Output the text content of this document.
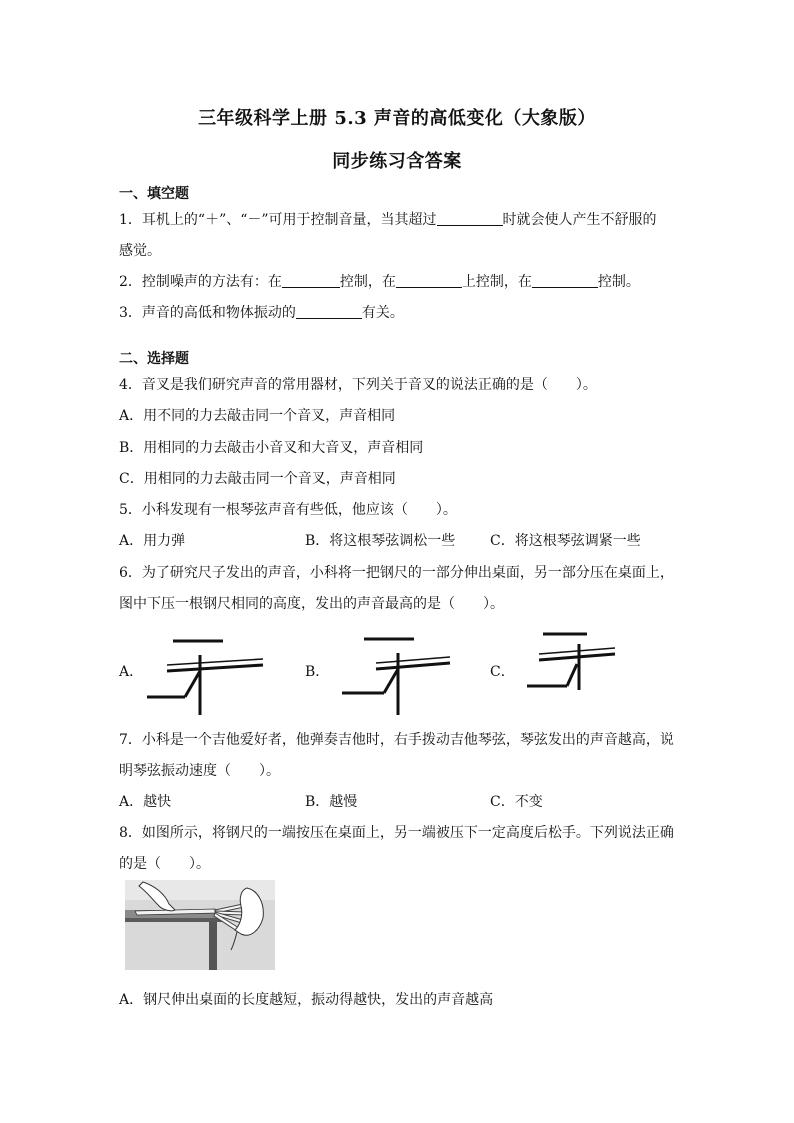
三年级科学上册 5.3 声音的高低变化（大象版）
同步练习含答案
一、填空题
1．耳机上的“＋”、“－”可用于控制音量，当其超过	时就会使人产生不舒服的
感觉。
2．控制噪声的方法有：在	控制，在	上控制，在	控制。
3．声音的高低和物体振动的	有关。
二、选择题
4．音叉是我们研究声音的常用器材，下列关于音叉的说法正确的是（　　）。
A．用不同的力去敲击同一个音叉，声音相同
B．用相同的力去敲击小音叉和大音叉，声音相同
C．用相同的力去敲击同一个音叉，声音相同
5．小科发现有一根琴弦声音有些低，他应该（　　）。
A．用力弹	B．将这根琴弦调松一些 C．将这根琴弦调紧一些
6．为了研究尺子发出的声音，小科将一把钢尺的一部分伸出桌面，另一部分压在桌面上，
图中下压一根钢尺相同的高度，发出的声音最高的是（　　）。
A．	B．	C．
7．小科是一个吉他爱好者，他弹奏吉他时，右手拨动吉他琴弦，琴弦发出的声音越高，说
明琴弦振动速度（　　）。
A．越快	B．越慢	C．不变
8．如图所示，将钢尺的一端按压在桌面上，另一端被压下一定高度后松手。下列说法正确
的是（　　）。
A．钢尺伸出桌面的长度越短，振动得越快，发出的声音越高
